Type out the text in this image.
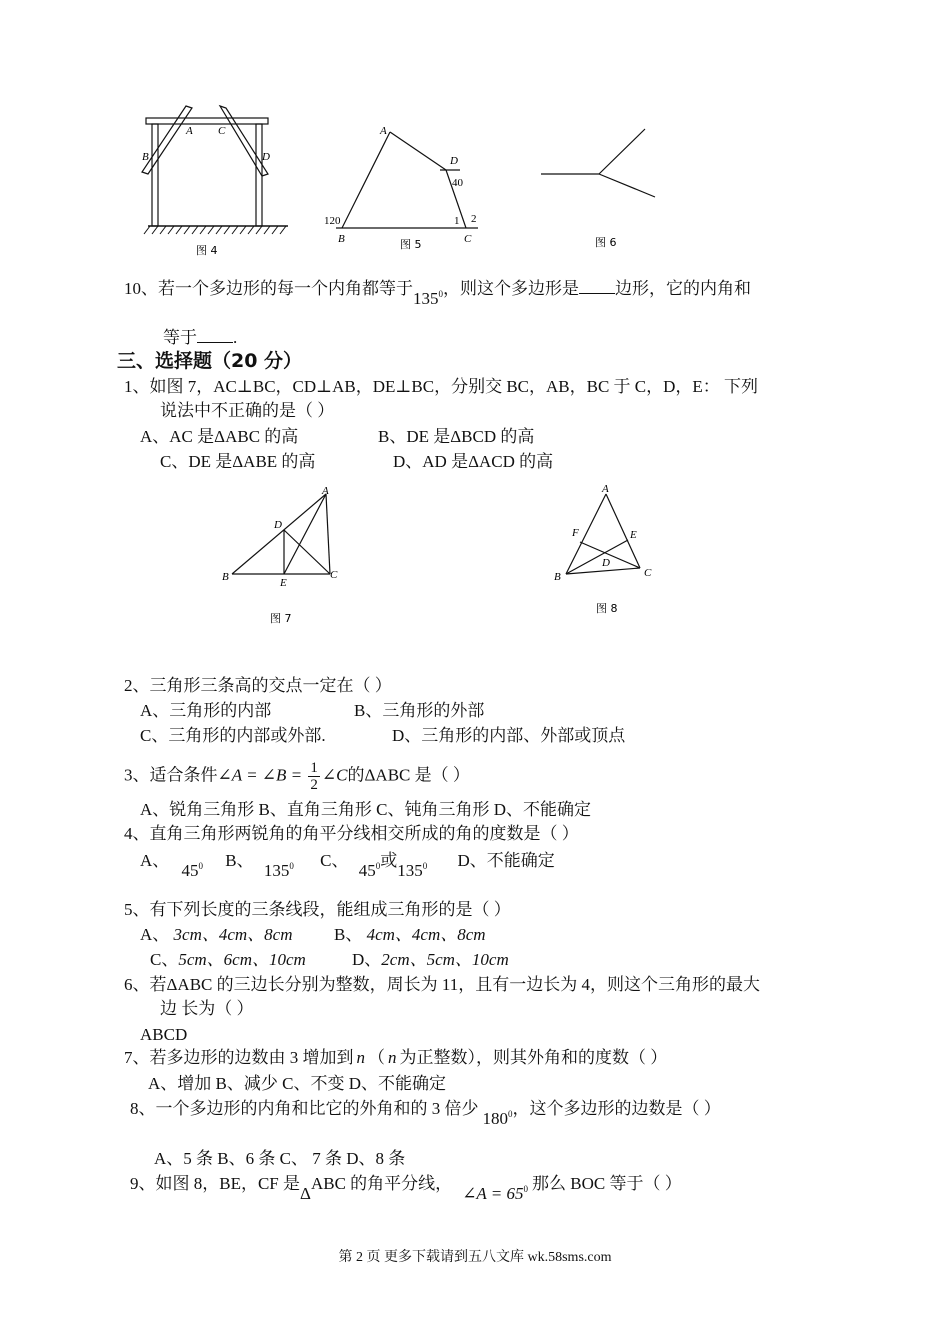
A
B
C
D
图 4
A
B	C
D
120
40
1 2
图 5	图 6
10、若一个多边形的每一个内角都等于$135^0$，则这个多边形是 边形，它的内角和
等于 .
三、选择题（20 分）
1、如图 7，AC⊥BC，CD⊥AB，DE⊥BC，分别交 BC，AB，BC 于 C，D，E： 下列
说法中不正确的是（ ）
A、AC 是ΔABC 的高	B、DE 是ΔBCD 的高
C、DE 是ΔABE 的高	D、AD 是ΔACD 的高
A
B	C
D
E
图 7
A
B	C
D
E
F
图 8
2、三角形三条高的交点一定在（ ）
A、三角形的内部	B、三角形的外部
C、三角形的内部或外部.	D、三角形的内部、外部或顶点
3、适合条件∠A = ∠B = $\frac{1}{2}$ ∠C的ΔABC 是（ ）
A、锐角三角形 B、直角三角形 C、钝角三角形 D、不能确定
4、直角三角形两锐角的角平分线相交所成的角的度数是（ ）
A、 $45^0$ B、 $135^0$ C、 $45^0$或$135^0$ D、不能确定
5、有下列长度的三条线段，能组成三角形的是（ ）
A、 3cm、4cm、8cm B、 4cm、4cm、8cm
C、5cm、6cm、10cm	D、2cm、5cm、10cm
6、若ΔABC 的三边长分别为整数，周长为 11，且有一边长为 4，则这个三角形的最大
边 长为（ ）
ABCD
7、若多边形的边数由 3 增加到 n （ n 为正整数），则其外角和的度数（ ）
A、增加 B、减少 C、不变 D、不能确定
8、一个多边形的内角和比它的外角和的 3 倍少$180^0$，这个多边形的边数是（ ）
A、5 条 B、6 条 C、 7 条 D、8 条
9、如图 8，BE，CF 是ΔABC 的角平分线，∠A = $65^0$ 那么 BOC 等于（ ）
第 2 页 更多下载请到五八文库 wk.58sms.com
